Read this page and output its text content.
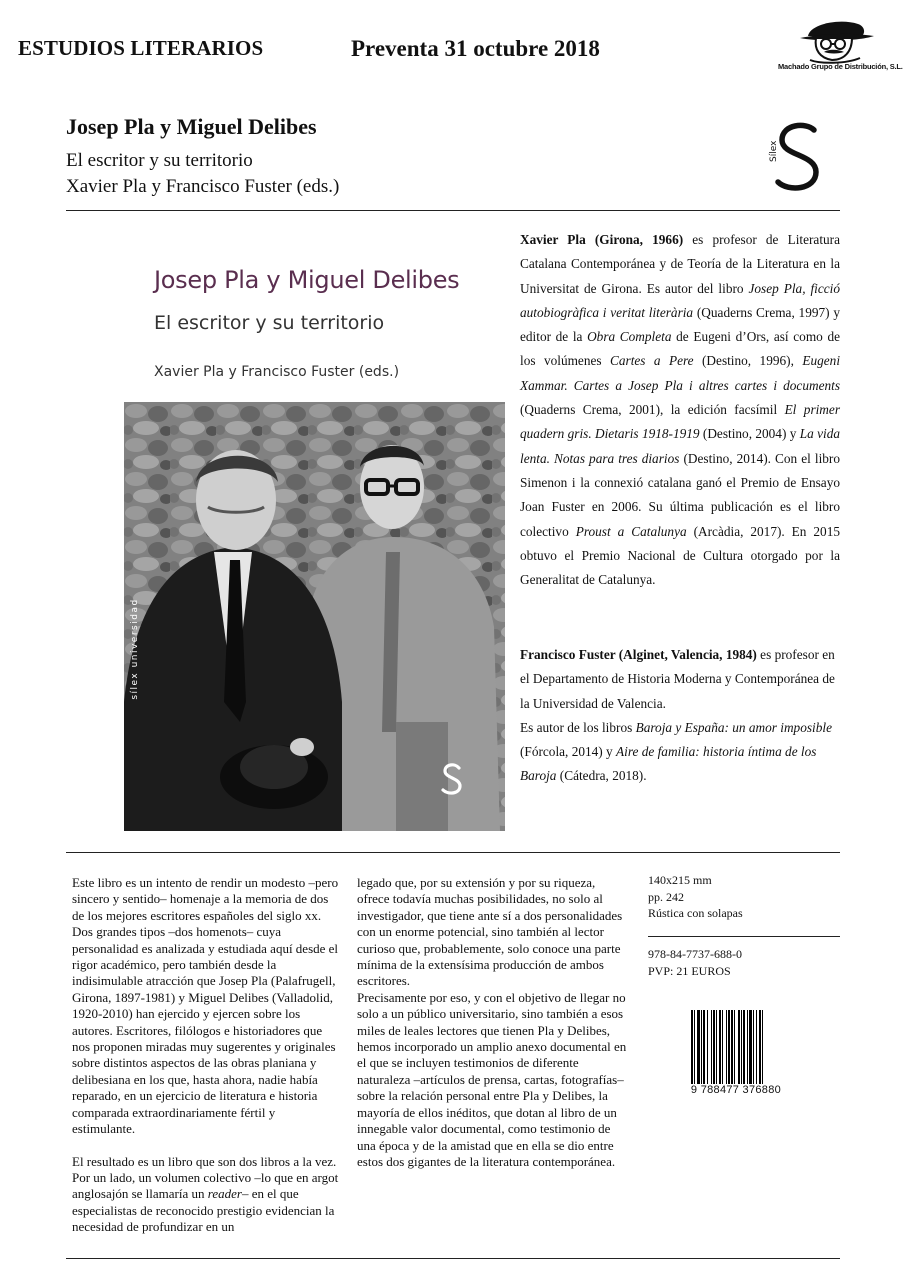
ESTUDIOS LITERARIOS	Preventa 31 octubre 2018
Machado Grupo de Distribución, S.L.
Josep Pla y Miguel Delibes
El escritor y su territorio
Xavier Pla y Francisco Fuster (eds.)
Sílex
Josep Pla y Miguel Delibes
El escritor y su territorio
Xavier Pla y Francisco Fuster (eds.)
sílex universidad
Xavier Pla (Girona, 1966) es profesor de Literatura Catalana Contemporánea y de Teoría de la Literatura en la Universitat de Girona. Es autor del libro Josep Pla, ficció autobiogràfica i veritat literària (Quaderns Crema, 1997) y editor de la Obra Completa de Eugeni d’Ors, así como de los volúmenes Cartes a Pere (Destino, 1996), Eugeni Xammar. Cartes a Josep Pla i altres cartes i documents (Quaderns Crema, 2001), la edición facsímil El primer quadern gris. Dietaris 1918-1919 (Destino, 2004) y La vida lenta. Notas para tres diarios (Destino, 2014). Con el libro Simenon i la connexió catalana ganó el Premio de Ensayo Joan Fuster en 2006. Su última publicación es el libro colectivo Proust a Catalunya (Arcàdia, 2017). En 2015 obtuvo el Premio Nacional de Cultura otorgado por la Generalitat de Catalunya.
Francisco Fuster (Alginet, Valencia, 1984) es profesor en el Departamento de Historia Moderna y Contemporánea de la Universidad de Valencia.
Es autor de los libros Baroja y España: un amor imposible (Fórcola, 2014) y Aire de familia: historia íntima de los Baroja (Cátedra, 2018).
Este libro es un intento de rendir un modesto –pero sincero y sentido– homenaje a la memoria de dos de los mejores escritores españoles del siglo xx. Dos grandes tipos –dos homenots– cuya personalidad es analizada y estudiada aquí desde el rigor académico, pero también desde la indisimulable atracción que Josep Pla (Palafrugell, Girona, 1897-1981) y Miguel Delibes (Valladolid, 1920-2010) han ejercido y ejercen sobre los autores. Escritores, filólogos e historiadores que nos proponen miradas muy sugerentes y originales sobre distintos aspectos de las obras planiana y delibesiana en los que, hasta ahora, nadie había reparado, en un ejercicio de literatura e historia comparada extraordinariamente fértil y estimulante.
El resultado es un libro que son dos libros a la vez. Por un lado, un volumen colectivo –lo que en argot anglosajón se llamaría un reader– en el que especialistas de reconocido prestigio evidencian la necesidad de profundizar en un
legado que, por su extensión y por su riqueza, ofrece todavía muchas posibilidades, no solo al investigador, que tiene ante sí a dos personalidades con un enorme potencial, sino también al lector curioso que, probablemente, solo conoce una parte mínima de la extensísima producción de ambos escritores.
Precisamente por eso, y con el objetivo de llegar no solo a un público universitario, sino también a esos miles de leales lectores que tienen Pla y Delibes, hemos incorporado un amplio anexo documental en el que se incluyen testimonios de diferente naturaleza –artículos de prensa, cartas, fotografías– sobre la relación personal entre Pla y Delibes, la mayoría de ellos inéditos, que dotan al libro de un innegable valor documental, como testimonio de una época y de la amistad que en ella se dio entre estos dos gigantes de la literatura contemporánea.
140x215 mm
pp. 242
Rústica con solapas
978-84-7737-688-0
PVP: 21 EUROS
9 788477 376880
